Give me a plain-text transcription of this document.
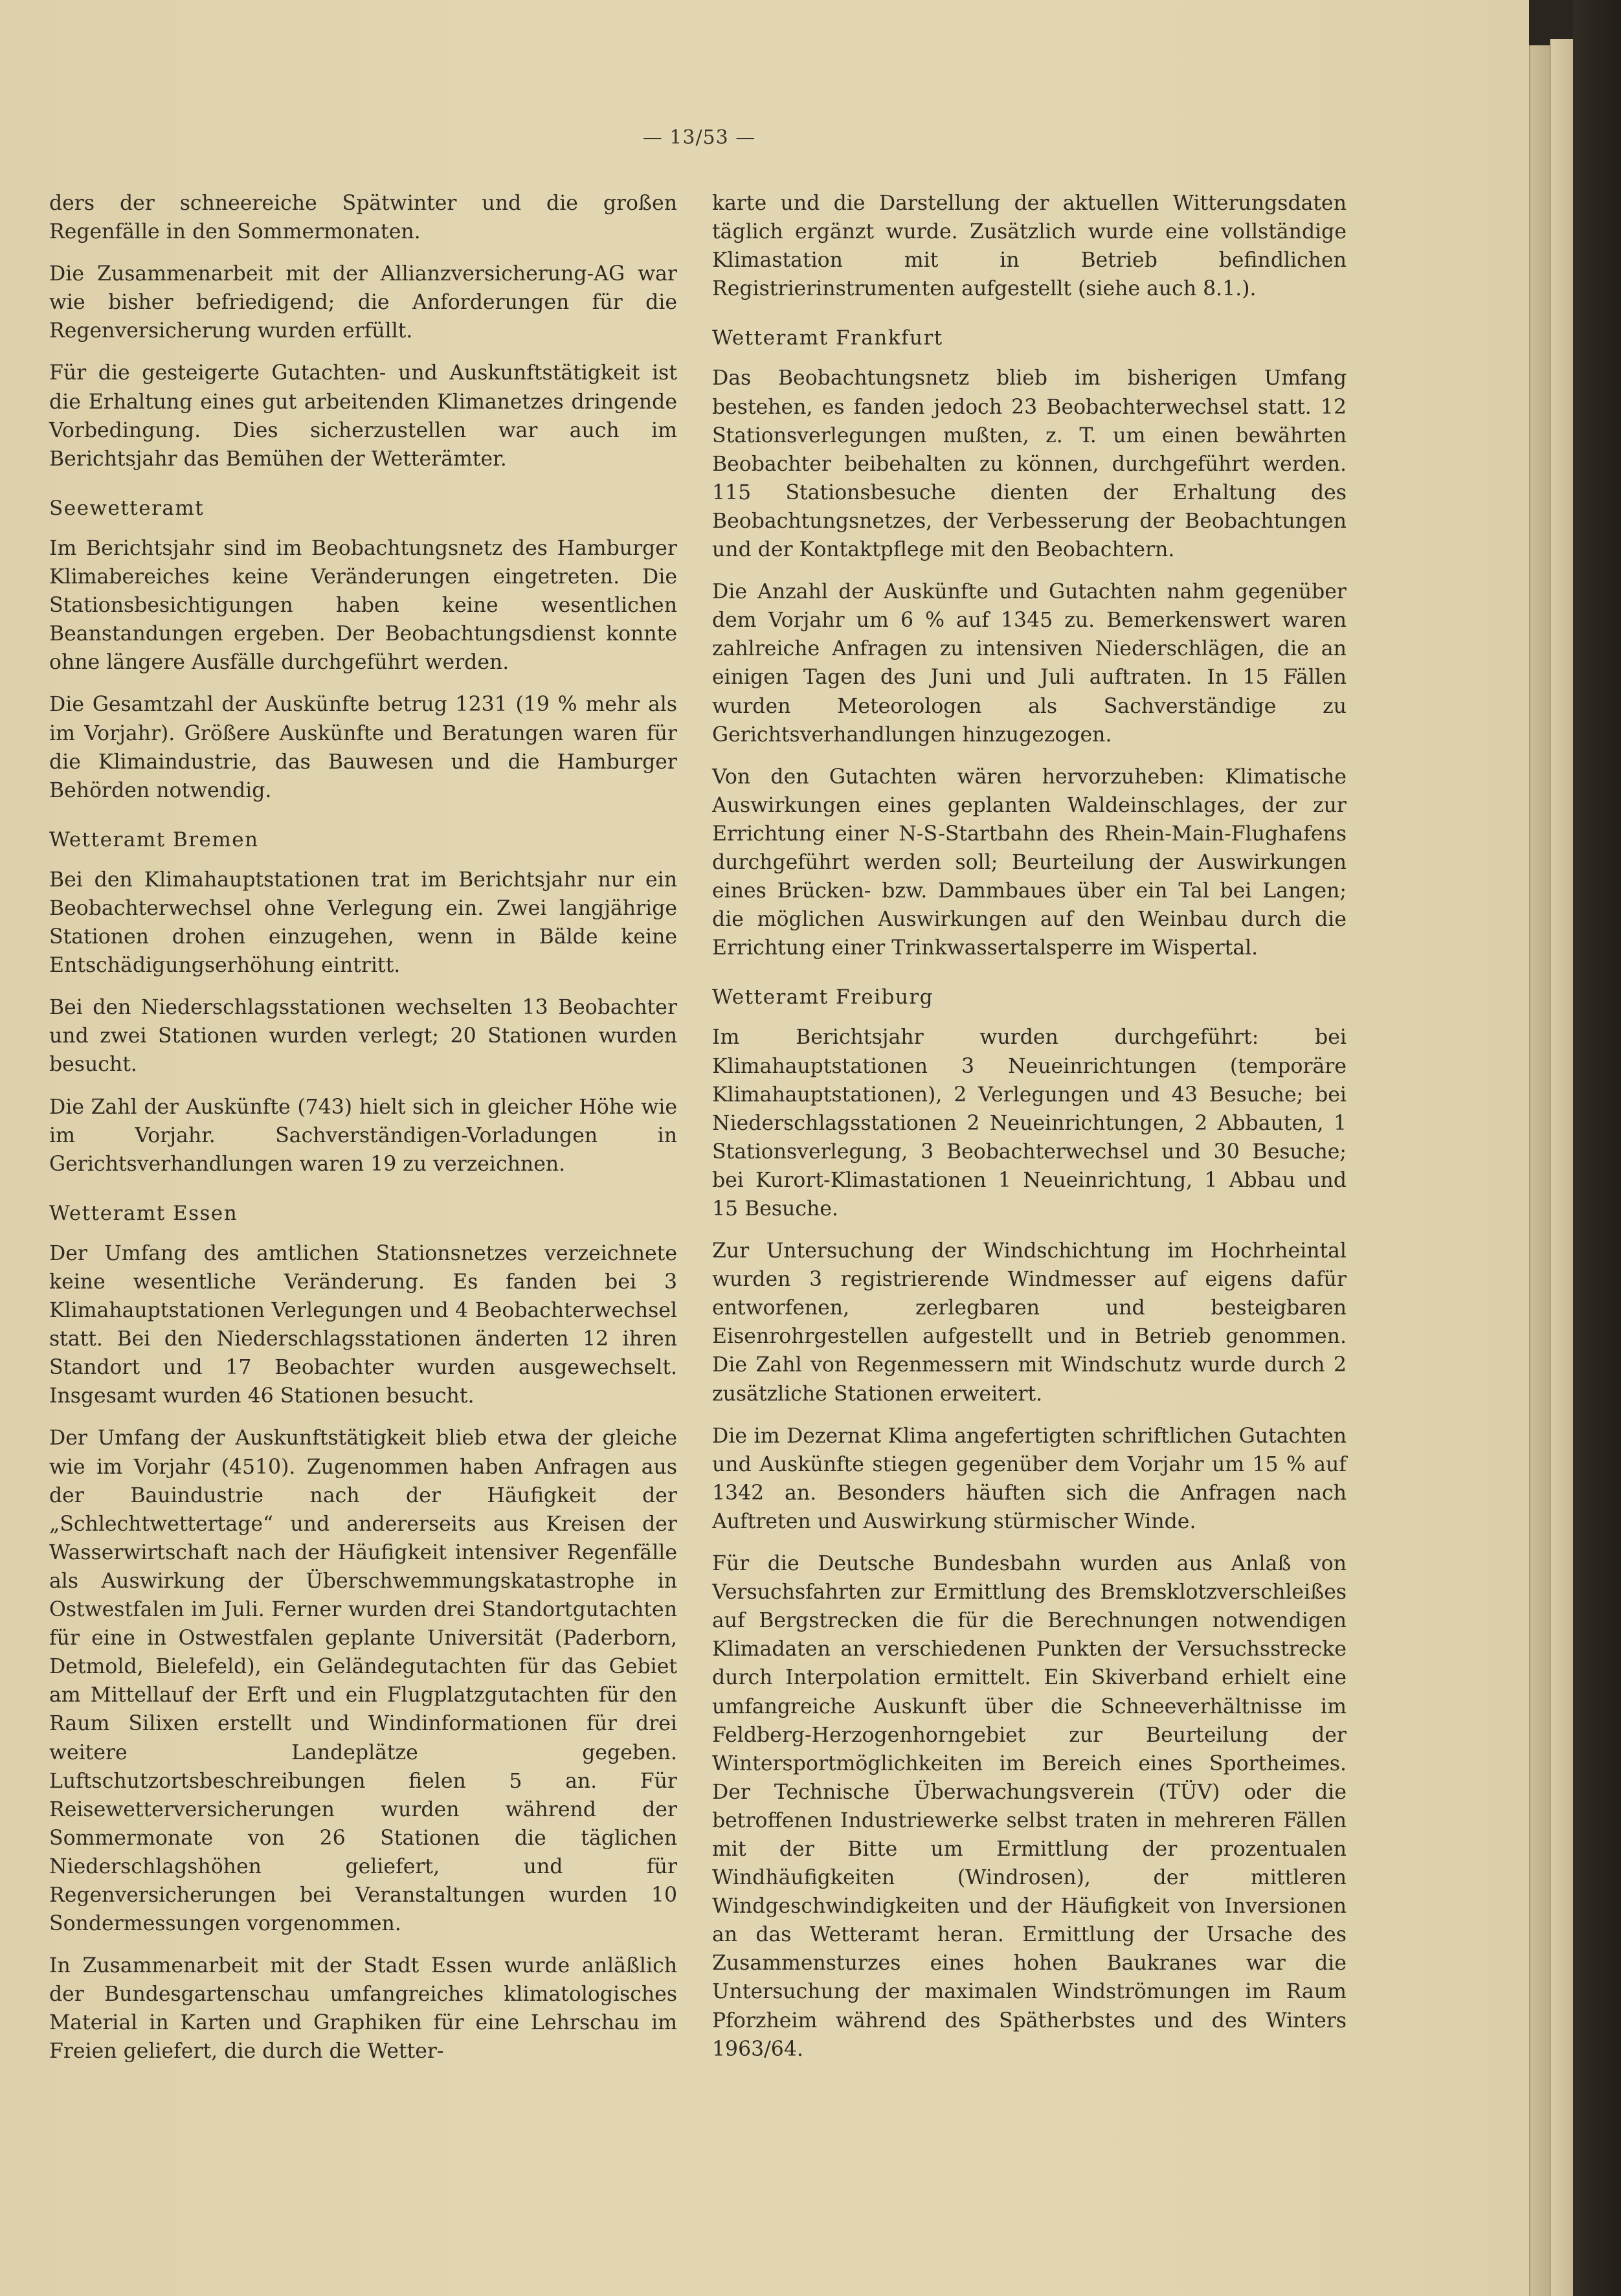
— 13/53 —

ders der schneereiche Spätwinter und die großen Regenfälle in den Sommermonaten.

Die Zusammenarbeit mit der Allianzversicherung-AG war wie bisher befriedigend; die Anforderungen für die Regenversicherung wurden erfüllt.

Für die gesteigerte Gutachten- und Auskunftstätigkeit ist die Erhaltung eines gut arbeitenden Klimanetzes dringende Vorbedingung. Dies sicherzustellen war auch im Berichtsjahr das Bemühen der Wetterämter.

Seewetteramt

Im Berichtsjahr sind im Beobachtungsnetz des Hamburger Klimabereiches keine Veränderungen eingetreten. Die Stationsbesichtigungen haben keine wesentlichen Beanstandungen ergeben. Der Beobachtungsdienst konnte ohne längere Ausfälle durchgeführt werden.

Die Gesamtzahl der Auskünfte betrug 1231 (19 % mehr als im Vorjahr). Größere Auskünfte und Beratungen waren für die Klimaindustrie, das Bauwesen und die Hamburger Behörden notwendig.

Wetteramt Bremen

Bei den Klimahauptstationen trat im Berichtsjahr nur ein Beobachterwechsel ohne Verlegung ein. Zwei langjährige Stationen drohen einzugehen, wenn in Bälde keine Entschädigungserhöhung eintritt.

Bei den Niederschlagsstationen wechselten 13 Beobachter und zwei Stationen wurden verlegt; 20 Stationen wurden besucht.

Die Zahl der Auskünfte (743) hielt sich in gleicher Höhe wie im Vorjahr. Sachverständigen-Vorladungen in Gerichtsverhandlungen waren 19 zu verzeichnen.

Wetteramt Essen

Der Umfang des amtlichen Stationsnetzes verzeichnete keine wesentliche Veränderung. Es fanden bei 3 Klimahauptstationen Verlegungen und 4 Beobachterwechsel statt. Bei den Niederschlagsstationen änderten 12 ihren Standort und 17 Beobachter wurden ausgewechselt. Insgesamt wurden 46 Stationen besucht.

Der Umfang der Auskunftstätigkeit blieb etwa der gleiche wie im Vorjahr (4510). Zugenommen haben Anfragen aus der Bauindustrie nach der Häufigkeit der „Schlechtwettertage“ und andererseits aus Kreisen der Wasserwirtschaft nach der Häufigkeit intensiver Regenfälle als Auswirkung der Überschwemmungskatastrophe in Ostwestfalen im Juli. Ferner wurden drei Standortgutachten für eine in Ostwestfalen geplante Universität (Paderborn, Detmold, Bielefeld), ein Geländegutachten für das Gebiet am Mittellauf der Erft und ein Flugplatzgutachten für den Raum Silixen erstellt und Windinformationen für drei weitere Landeplätze gegeben. Luftschutzortsbeschreibungen fielen 5 an. Für Reisewetterversicherungen wurden während der Sommermonate von 26 Stationen die täglichen Niederschlagshöhen geliefert, und für Regenversicherungen bei Veranstaltungen wurden 10 Sondermessungen vorgenommen.

In Zusammenarbeit mit der Stadt Essen wurde anläßlich der Bundesgartenschau umfangreiches klimatologisches Material in Karten und Graphiken für eine Lehrschau im Freien geliefert, die durch die Wetter-

karte und die Darstellung der aktuellen Witterungsdaten täglich ergänzt wurde. Zusätzlich wurde eine vollständige Klimastation mit in Betrieb befindlichen Registrierinstrumenten aufgestellt (siehe auch 8.1.).

Wetteramt Frankfurt

Das Beobachtungsnetz blieb im bisherigen Umfang bestehen, es fanden jedoch 23 Beobachterwechsel statt. 12 Stationsverlegungen mußten, z. T. um einen bewährten Beobachter beibehalten zu können, durchgeführt werden. 115 Stationsbesuche dienten der Erhaltung des Beobachtungsnetzes, der Verbesserung der Beobachtungen und der Kontaktpflege mit den Beobachtern.

Die Anzahl der Auskünfte und Gutachten nahm gegenüber dem Vorjahr um 6 % auf 1345 zu. Bemerkenswert waren zahlreiche Anfragen zu intensiven Niederschlägen, die an einigen Tagen des Juni und Juli auftraten. In 15 Fällen wurden Meteorologen als Sachverständige zu Gerichtsverhandlungen hinzugezogen.

Von den Gutachten wären hervorzuheben: Klimatische Auswirkungen eines geplanten Waldeinschlages, der zur Errichtung einer N-S-Startbahn des Rhein-Main-Flughafens durchgeführt werden soll; Beurteilung der Auswirkungen eines Brücken- bzw. Dammbaues über ein Tal bei Langen; die möglichen Auswirkungen auf den Weinbau durch die Errichtung einer Trinkwassertalsperre im Wispertal.

Wetteramt Freiburg

Im Berichtsjahr wurden durchgeführt: bei Klimahauptstationen 3 Neueinrichtungen (temporäre Klimahauptstationen), 2 Verlegungen und 43 Besuche; bei Niederschlagsstationen 2 Neueinrichtungen, 2 Abbauten, 1 Stationsverlegung, 3 Beobachterwechsel und 30 Besuche; bei Kurort-Klimastationen 1 Neueinrichtung, 1 Abbau und 15 Besuche.

Zur Untersuchung der Windschichtung im Hochrheintal wurden 3 registrierende Windmesser auf eigens dafür entworfenen, zerlegbaren und besteigbaren Eisenrohrgestellen aufgestellt und in Betrieb genommen. Die Zahl von Regenmessern mit Windschutz wurde durch 2 zusätzliche Stationen erweitert.

Die im Dezernat Klima angefertigten schriftlichen Gutachten und Auskünfte stiegen gegenüber dem Vorjahr um 15 % auf 1342 an. Besonders häuften sich die Anfragen nach Auftreten und Auswirkung stürmischer Winde.

Für die Deutsche Bundesbahn wurden aus Anlaß von Versuchsfahrten zur Ermittlung des Bremsklotzverschleißes auf Bergstrecken die für die Berechnungen notwendigen Klimadaten an verschiedenen Punkten der Versuchsstrecke durch Interpolation ermittelt. Ein Skiverband erhielt eine umfangreiche Auskunft über die Schneeverhältnisse im Feldberg-Herzogenhorngebiet zur Beurteilung der Wintersportmöglichkeiten im Bereich eines Sportheimes. Der Technische Überwachungsverein (TÜV) oder die betroffenen Industriewerke selbst traten in mehreren Fällen mit der Bitte um Ermittlung der prozentualen Windhäufigkeiten (Windrosen), der mittleren Windgeschwindigkeiten und der Häufigkeit von Inversionen an das Wetteramt heran. Ermittlung der Ursache des Zusammensturzes eines hohen Baukranes war die Untersuchung der maximalen Windströmungen im Raum Pforzheim während des Spätherbstes und des Winters 1963/64.
